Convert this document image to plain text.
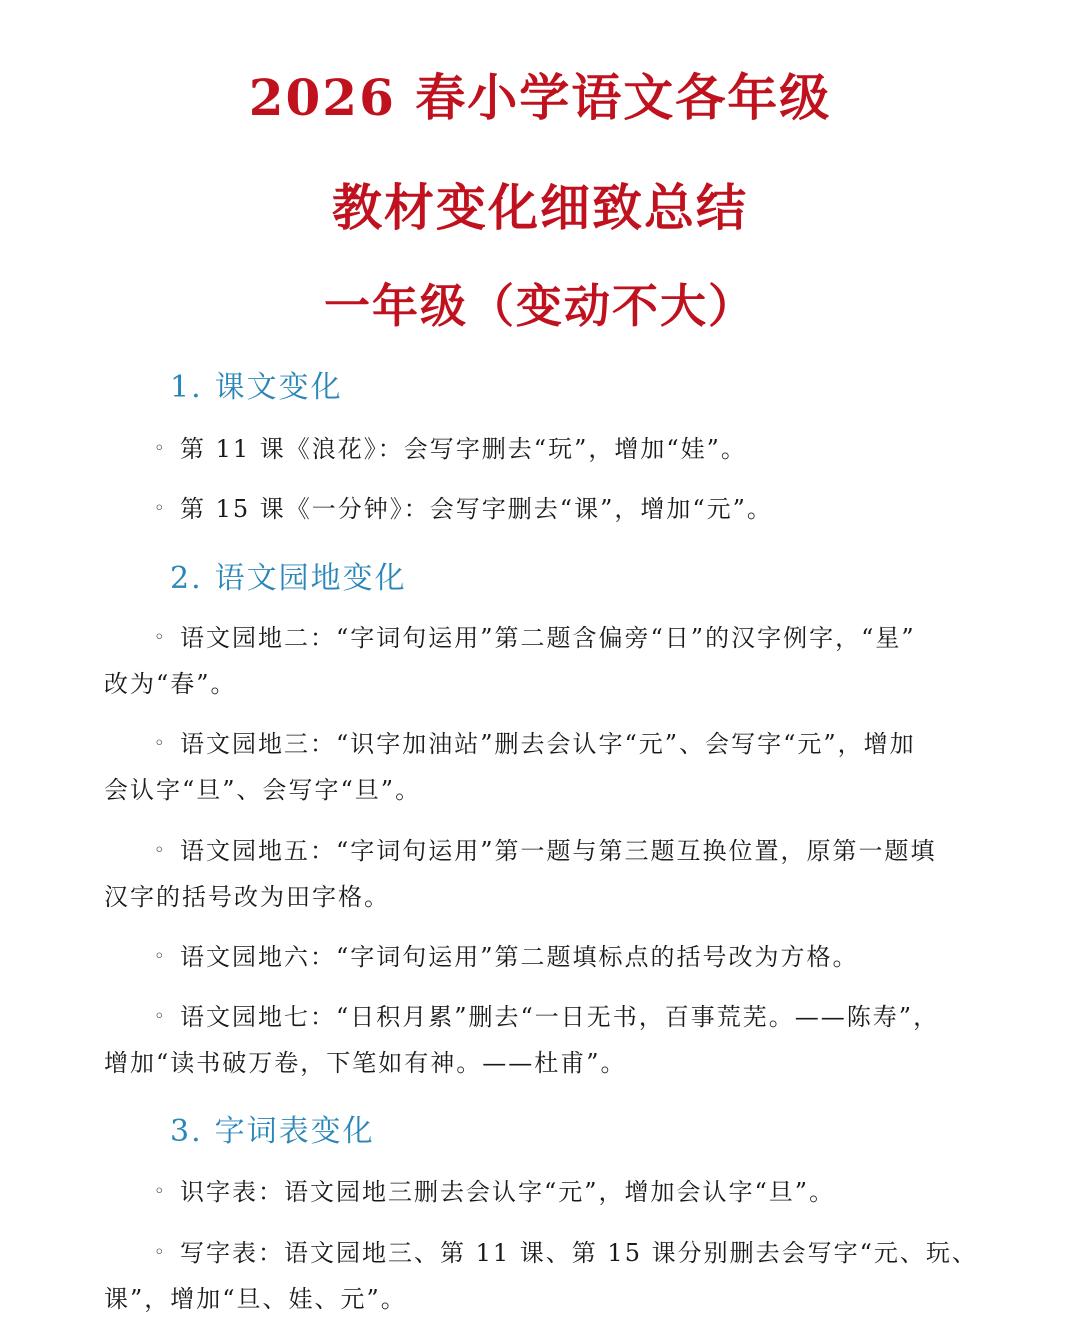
2026 春小学语文各年级
教材变化细致总结
一年级（变动不大）
1. 课文变化
◦ 第 11 课《浪花》：会写字删去“玩”，增加“娃”。
◦ 第 15 课《一分钟》：会写字删去“课”，增加“元”。
2. 语文园地变化
◦ 语文园地二：“字词句运用”第二题含偏旁“日”的汉字例字，“星”
改为“春”。
◦ 语文园地三：“识字加油站”删去会认字“元”、会写字“元”，增加
会认字“旦”、会写字“旦”。
◦ 语文园地五：“字词句运用”第一题与第三题互换位置，原第一题填
汉字的括号改为田字格。
◦ 语文园地六：“字词句运用”第二题填标点的括号改为方格。
◦ 语文园地七：“日积月累”删去“一日无书，百事荒芜。——陈寿”，
增加“读书破万卷，下笔如有神。——杜甫”。
3. 字词表变化
◦ 识字表：语文园地三删去会认字“元”，增加会认字“旦”。
◦ 写字表：语文园地三、第 11 课、第 15 课分别删去会写字“元、玩、
课”，增加“旦、娃、元”。
